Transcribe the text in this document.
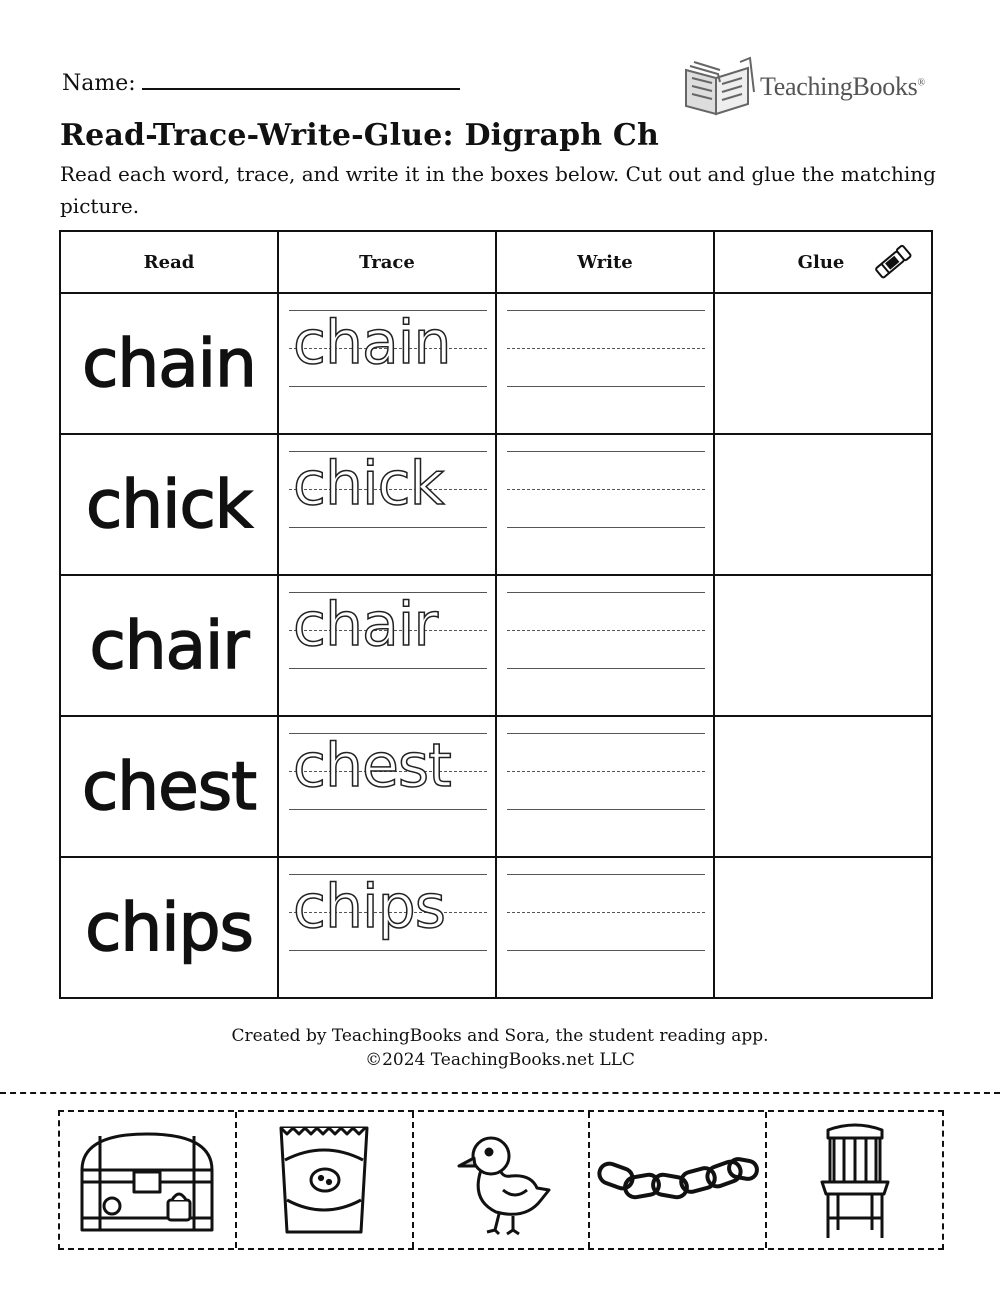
Name:	TeachingBooks®
Read-Trace-Write-Glue: Digraph Ch
Read each word, trace, and write it in the boxes below. Cut out and glue the matching picture.
Read	Trace	Write	Glue

chain	chain		

chick	chick		

chair	chair		

chest	chest		

chips	chips		

Created by TeachingBooks and Sora, the student reading app.
©2024 TeachingBooks.net LLC
